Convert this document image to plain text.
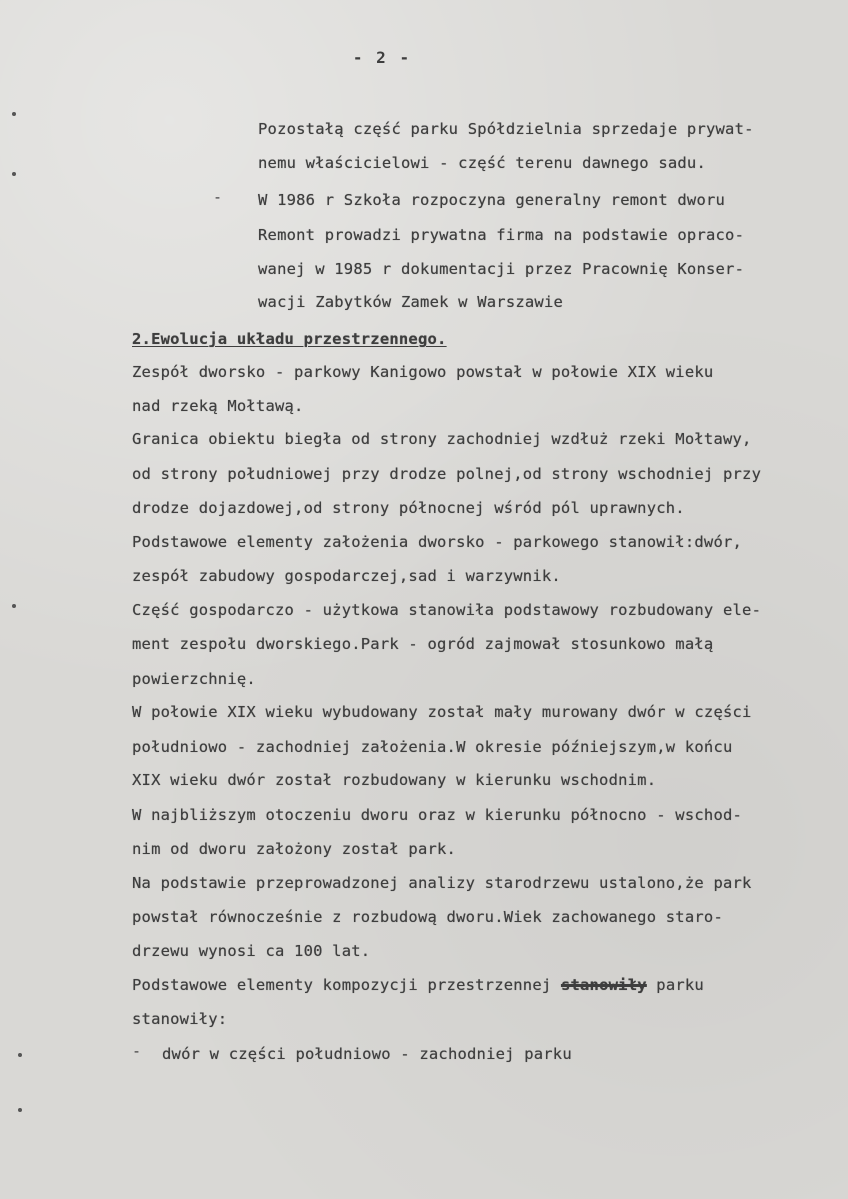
- 2 -
Pozostałą część parku Spółdzielnia sprzedaje prywat-
nemu właścicielowi - część terenu dawnego sadu.
- W 1986 r Szkoła rozpoczyna generalny remont dworu
Remont prowadzi prywatna firma na podstawie opraco-
wanej w 1985 r dokumentacji przez Pracownię Konser-
wacji Zabytków Zamek w Warszawie
2.Ewolucja układu przestrzennego.
Zespół dworsko - parkowy Kanigowo powstał w połowie XIX wieku
nad rzeką Mołtawą.
Granica obiektu biegła od strony zachodniej wzdłuż rzeki Mołtawy,
od strony południowej przy drodze polnej,od strony wschodniej przy
drodze dojazdowej,od strony północnej wśród pól uprawnych.
Podstawowe elementy założenia dworsko - parkowego stanowił:dwór,
zespół zabudowy gospodarczej,sad i warzywnik.
Część gospodarczo - użytkowa stanowiła podstawowy rozbudowany ele-
ment zespołu dworskiego.Park - ogród zajmował stosunkowo małą
powierzchnię.
W połowie XIX wieku wybudowany został mały murowany dwór w części
południowo - zachodniej założenia.W okresie późniejszym,w końcu
XIX wieku dwór został rozbudowany w kierunku wschodnim.
W najbliższym otoczeniu dworu oraz w kierunku północno - wschod-
nim od dworu założony został park.
Na podstawie przeprowadzonej analizy starodrzewu ustalono,że park
powstał równocześnie z rozbudową dworu.Wiek zachowanego staro-
drzewu wynosi ca 100 lat.
Podstawowe elementy kompozycji przestrzennej stanowiły parku
stanowiły:
- dwór w części południowo - zachodniej parku
